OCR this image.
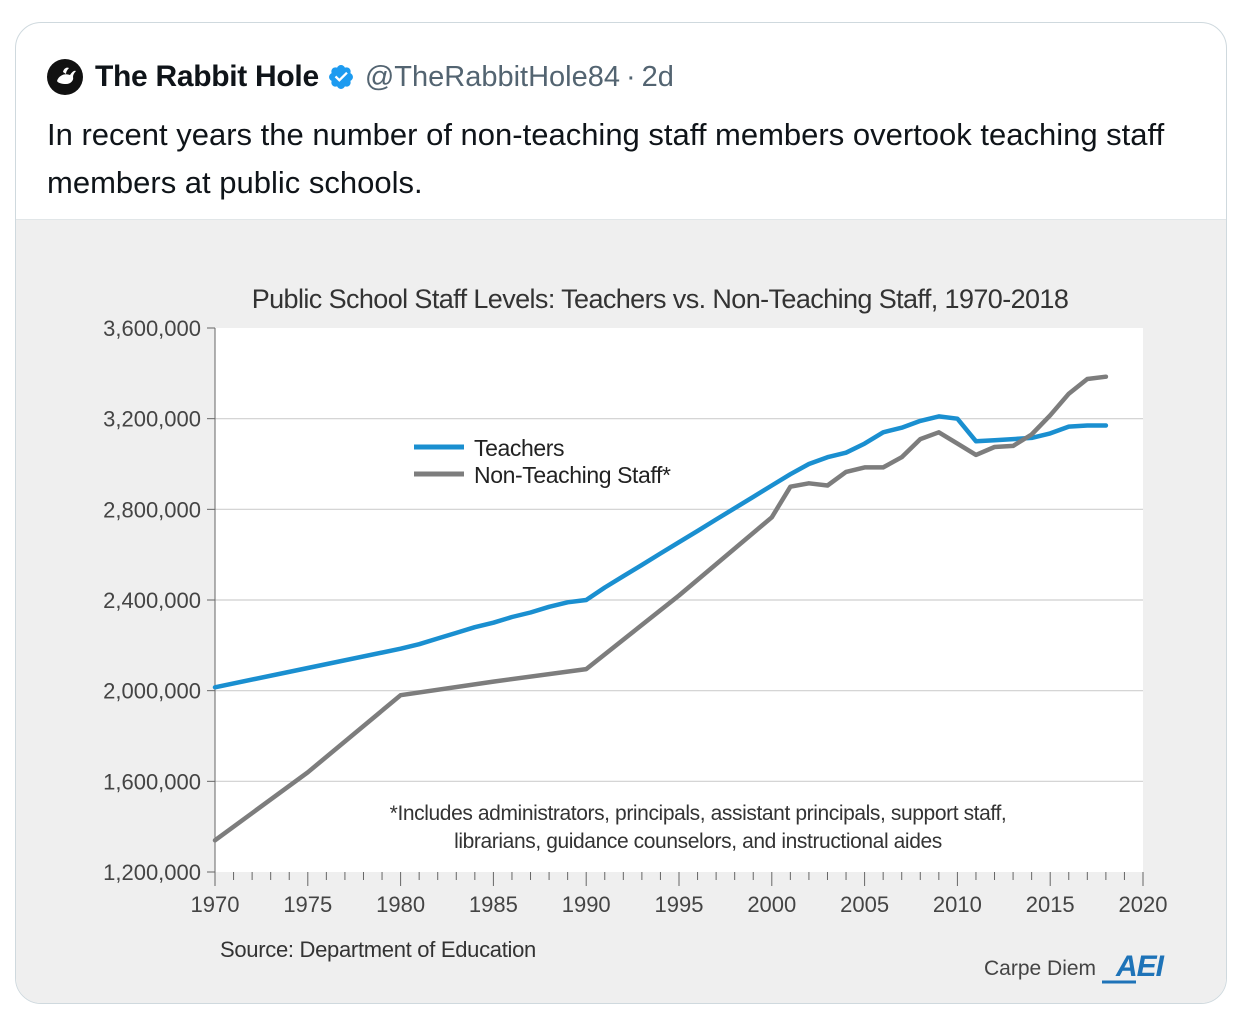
The Rabbit Hole @TheRabbitHole84 · 2d

In recent years the number of non-teaching staff members overtook teaching staff members at public schools.

Public School Staff Levels: Teachers vs. Non-Teaching Staff, 1970-2018
1,200,000
1,600,000
2,000,000
2,400,000
2,800,000
3,200,000
3,600,000
1970 1975 1980 1985 1990 1995 2000 2005 2010 2015 2020
Teachers
Non-Teaching Staff*
*Includes administrators, principals, assistant principals, support staff,
librarians, guidance counselors, and instructional aides
Source: Department of Education
Carpe Diem AEI
